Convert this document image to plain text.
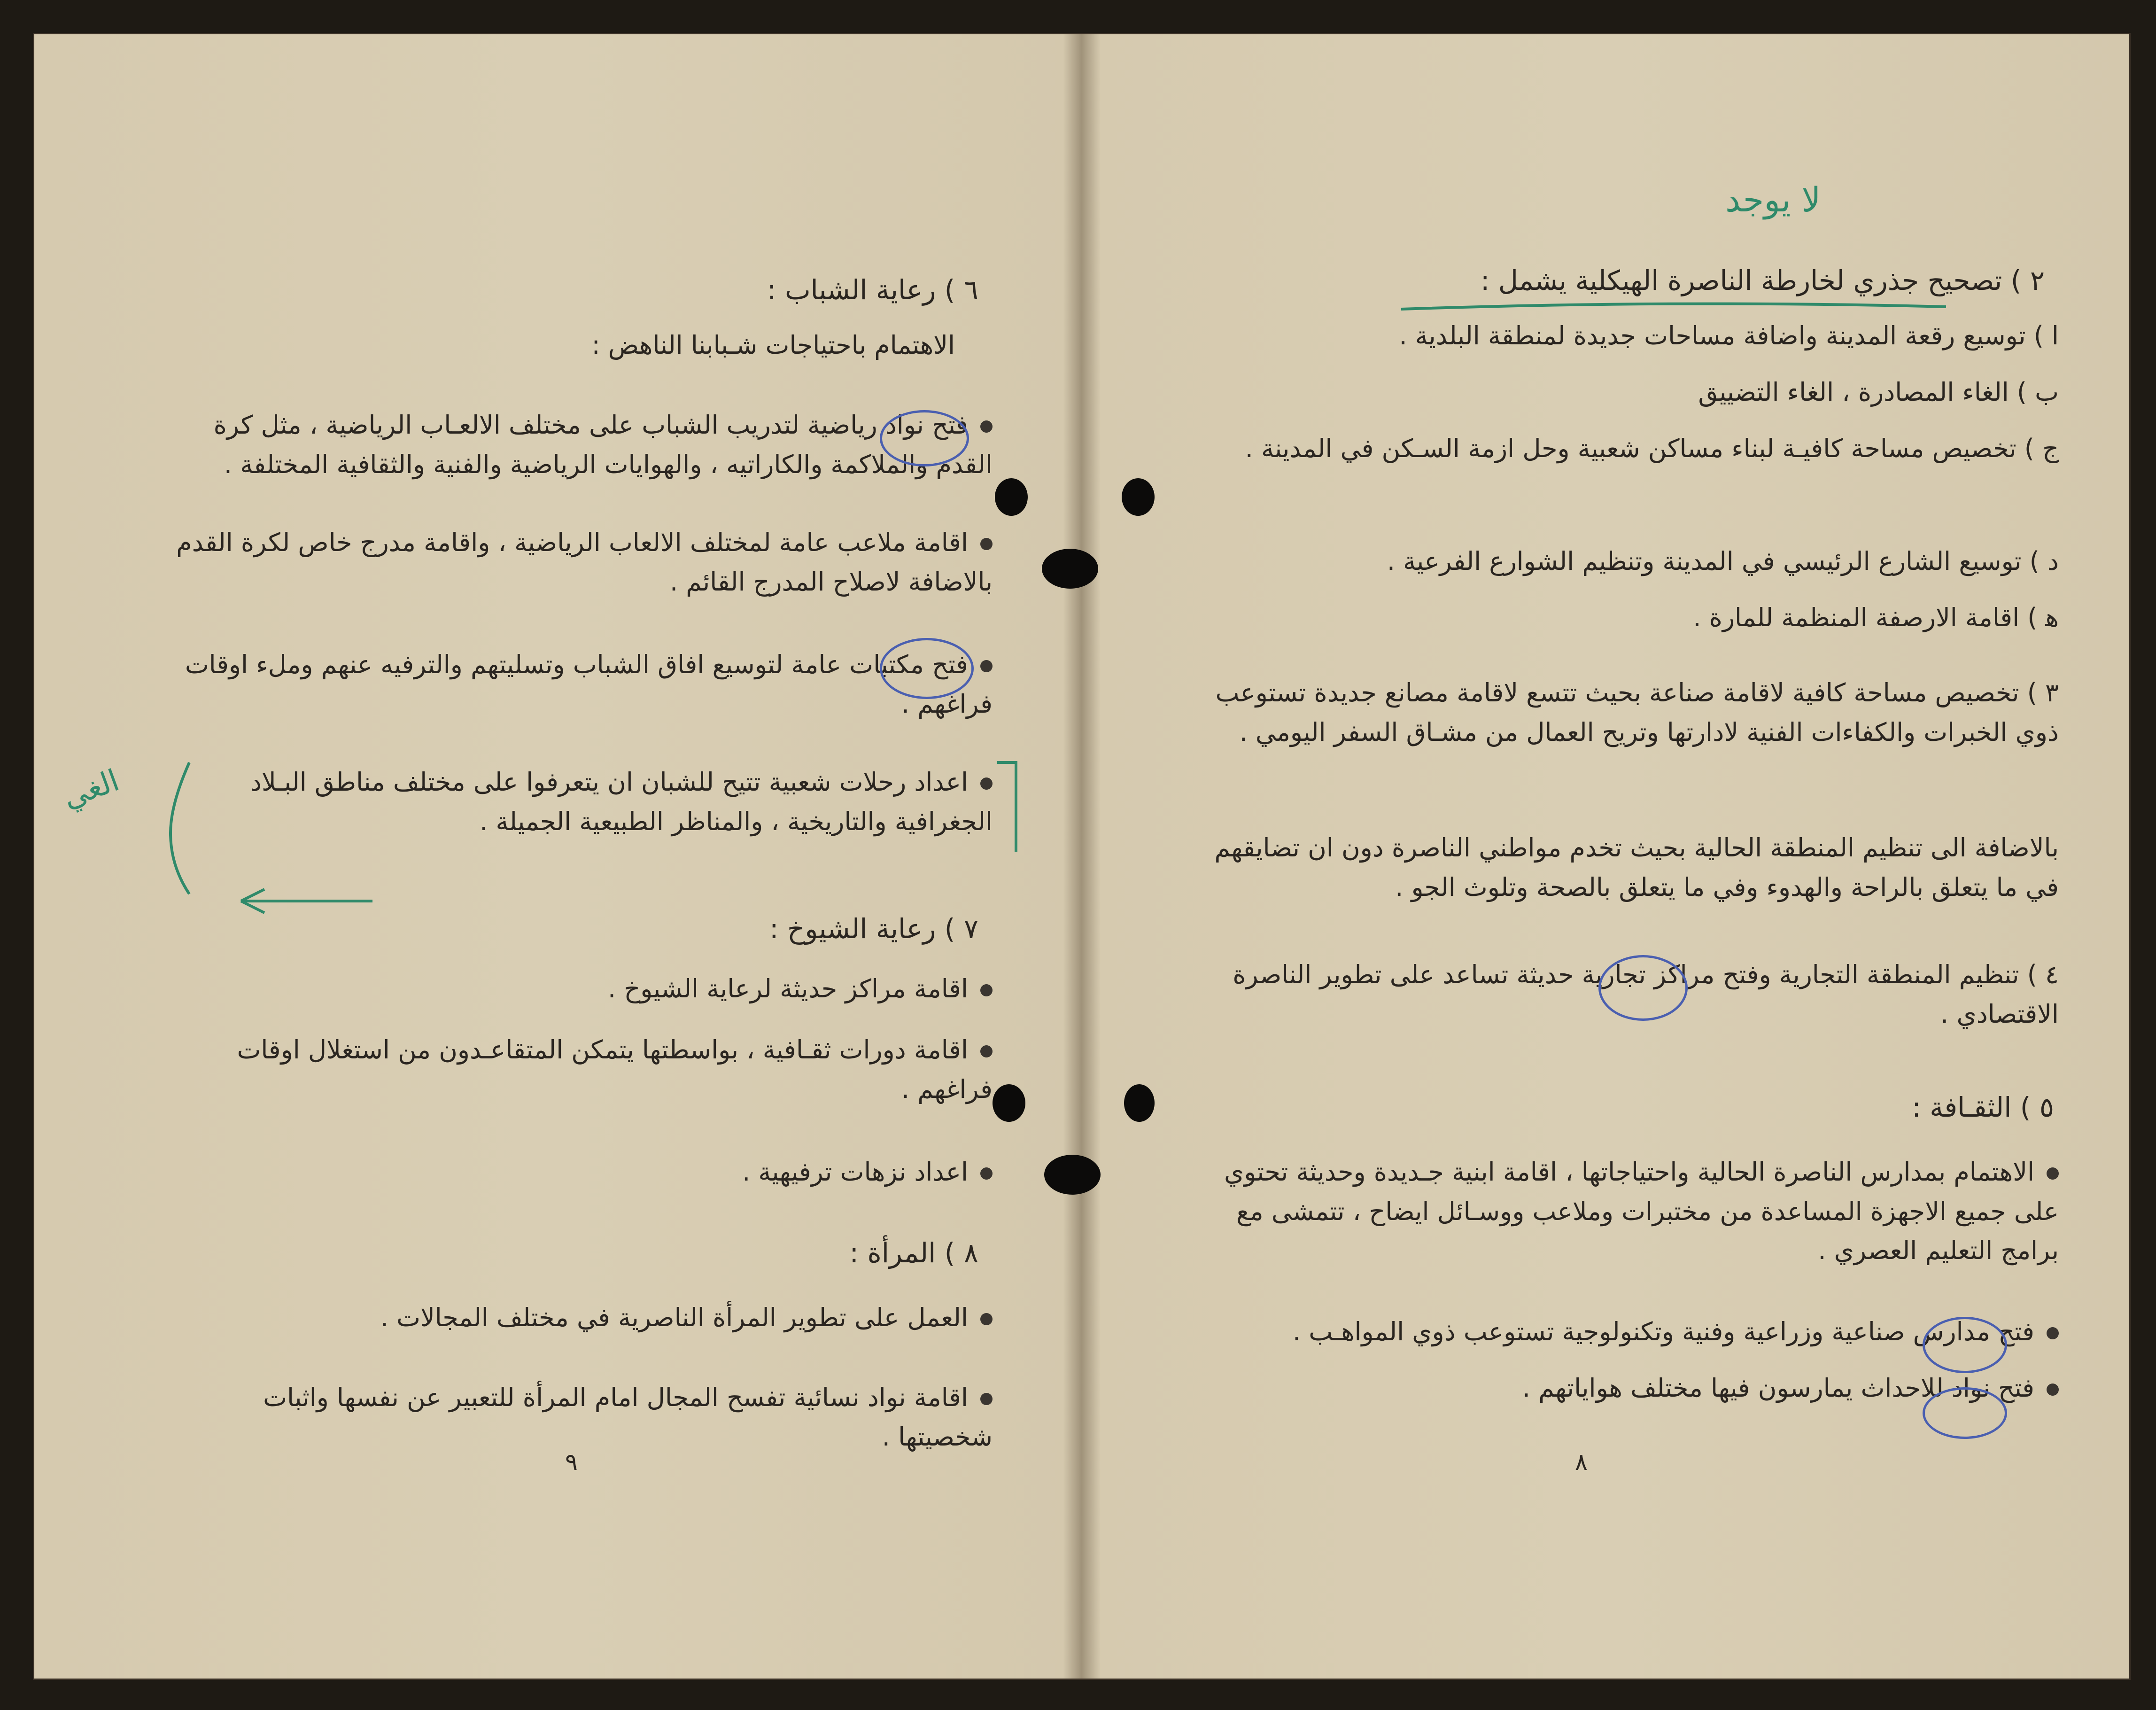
٦ ) رعاية الشباب :
الاهتمام باحتياجات شـبابنا الناهض :
فتح نواد رياضية لتدريب الشباب على مختلف الالعـاب الرياضية ، مثل كرة القدم والملاكمة والكاراتيه ، والهوايات الرياضية والفنية والثقافية المختلفة .
اقامة ملاعب عامة لمختلف الالعاب الرياضية ، واقامة مدرج خاص لكرة القدم بالاضافة لاصلاح المدرج القائم .
فتح مكتبات عامة لتوسيع افاق الشباب وتسليتهم والترفيه عنهم وملء اوقات فراغهم .
اعداد رحلات شعبية تتيح للشبان ان يتعرفوا على مختلف مناطق البـلاد الجغرافية والتاريخية ، والمناظر الطبيعية الجميلة .
الغي
٧ ) رعاية الشيوخ :
اقامة مراكز حديثة لرعاية الشيوخ .
اقامة دورات ثقـافية ، بواسطتها يتمكن المتقاعـدون من استغلال اوقات فراغهم .
اعداد نزهات ترفيهية .
٨ ) المرأة :
العمل على تطوير المرأة الناصرية في مختلف المجالات .
اقامة نواد نسائية تفسح المجال امام المرأة للتعبير عن نفسها واثبات شخصيتها .
٩
لا يوجد
٢ ) تصحيح جذري لخارطة الناصرة الهيكلية يشمل :
ا ) توسيع رقعة المدينة واضافة مساحات جديدة لمنطقة البلدية .
ب ) الغاء المصادرة ، الغاء التضييق
ج ) تخصيص مساحة كافيـة لبناء مساكن شعبية وحل ازمة السـكن في المدينة .
د ) توسيع الشارع الرئيسي في المدينة وتنظيم الشوارع الفرعية .
ﻫ ) اقامة الارصفة المنظمة للمارة .
٣ ) تخصيص مساحة كافية لاقامة صناعة بحيث تتسع لاقامة مصانع جديدة تستوعب ذوي الخبرات والكفاءات الفنية لادارتها وتريح العمال من مشـاق السفر اليومي .
بالاضافة الى تنظيم المنطقة الحالية بحيث تخدم مواطني الناصرة دون ان تضايقهم في ما يتعلق بالراحة والهدوء وفي ما يتعلق بالصحة وتلوث الجو .
٤ ) تنظيم المنطقة التجارية وفتح مراكز تجارية حديثة تساعد على تطوير الناصرة الاقتصادي .
٥ ) الثقـافة :
الاهتمام بمدارس الناصرة الحالية واحتياجاتها ، اقامة ابنية جـديدة وحديثة تحتوي على جميع الاجهزة المساعدة من مختبرات وملاعب ووسـائل ايضاح ، تتمشى مع برامج التعليم العصري .
فتح مدارس صناعية وزراعية وفنية وتكنولوجية تستوعب ذوي المواهـب .
فتح نواد للاحداث يمارسون فيها مختلف هواياتهم .
٨
